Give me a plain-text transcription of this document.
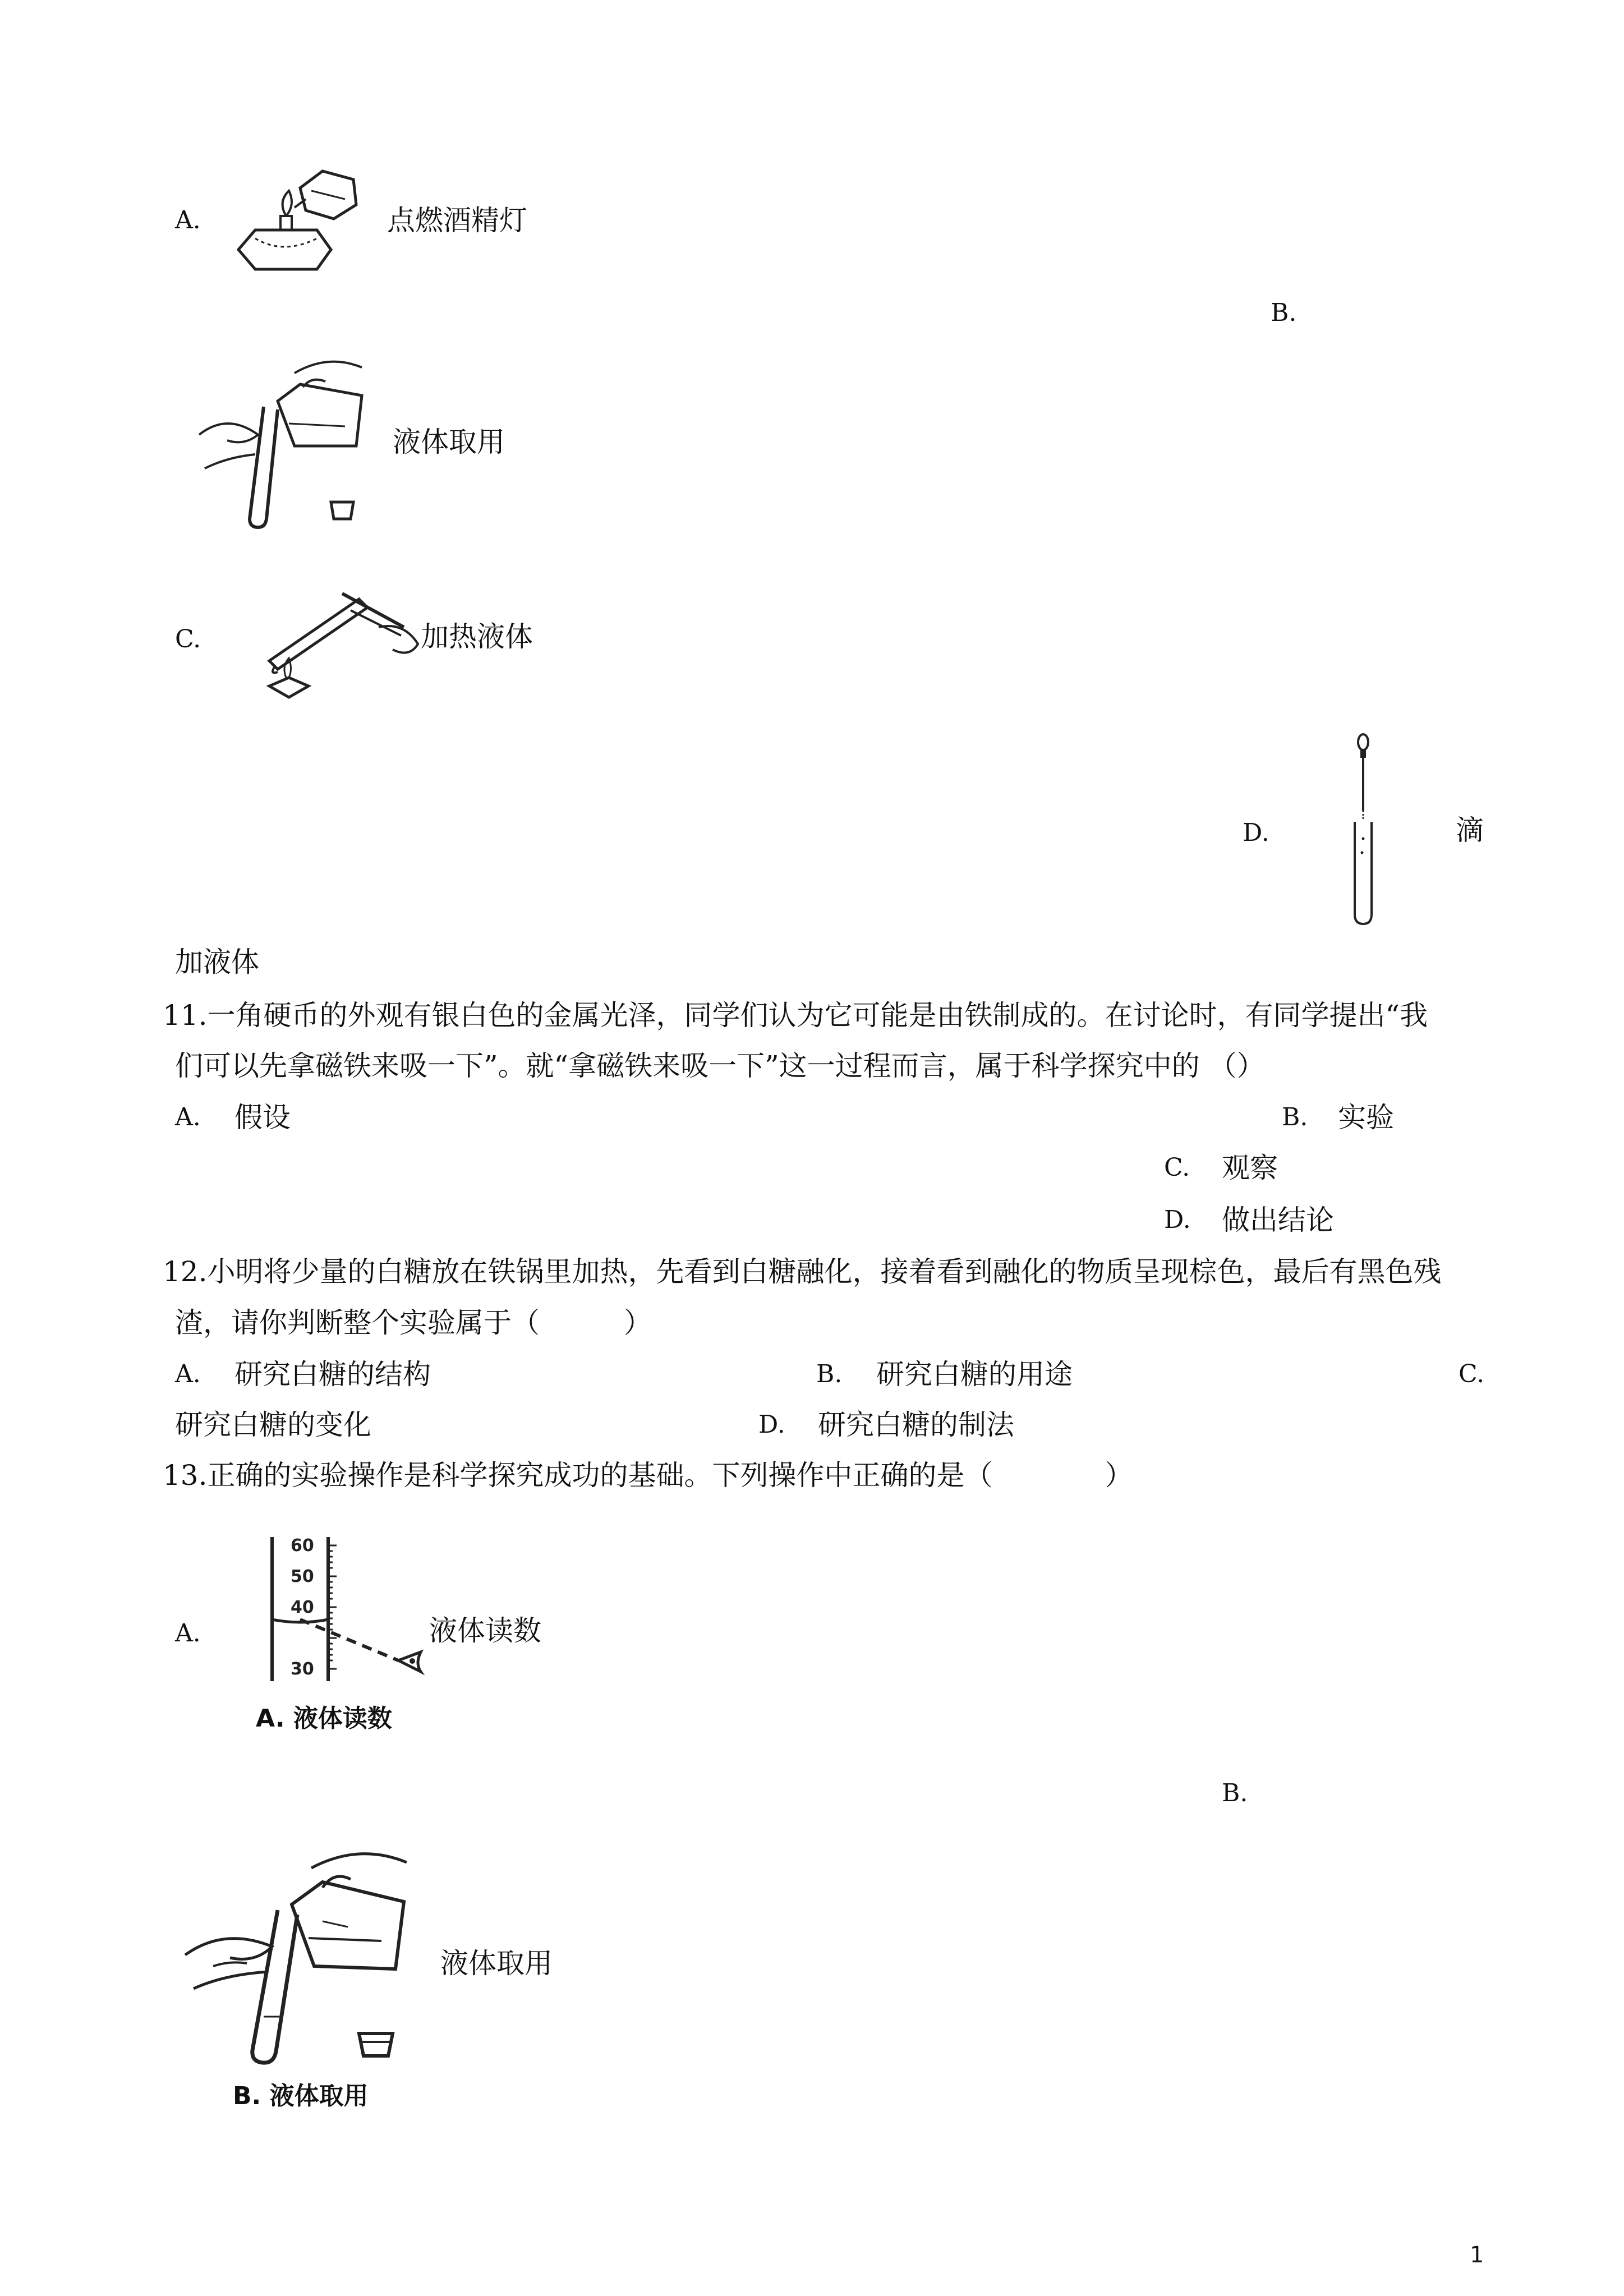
A.	点燃酒精灯
B.
液体取用
C.	加热液体
D.	滴
加液体
11.一角硬币的外观有银白色的金属光泽，同学们认为它可能是由铁制成的。在讨论时，有同学提出“我
们可以先拿磁铁来吸一下”。就“拿磁铁来吸一下”这一过程而言，属于科学探究中的 （）
A. 假设	B. 实验
C. 观察
D. 做出结论
12.小明将少量的白糖放在铁锅里加热，先看到白糖融化，接着看到融化的物质呈现棕色，最后有黑色残
渣，请你判断整个实验属于（　　　）
A. 研究白糖的结构	B. 研究白糖的用途	C.
研究白糖的变化	D. 研究白糖的制法
13.正确的实验操作是科学探究成功的基础。下列操作中正确的是（　　　　）
A.
60
50
40
30
A. 液体读数
液体读数
B.
B. 液体取用
液体取用
1
